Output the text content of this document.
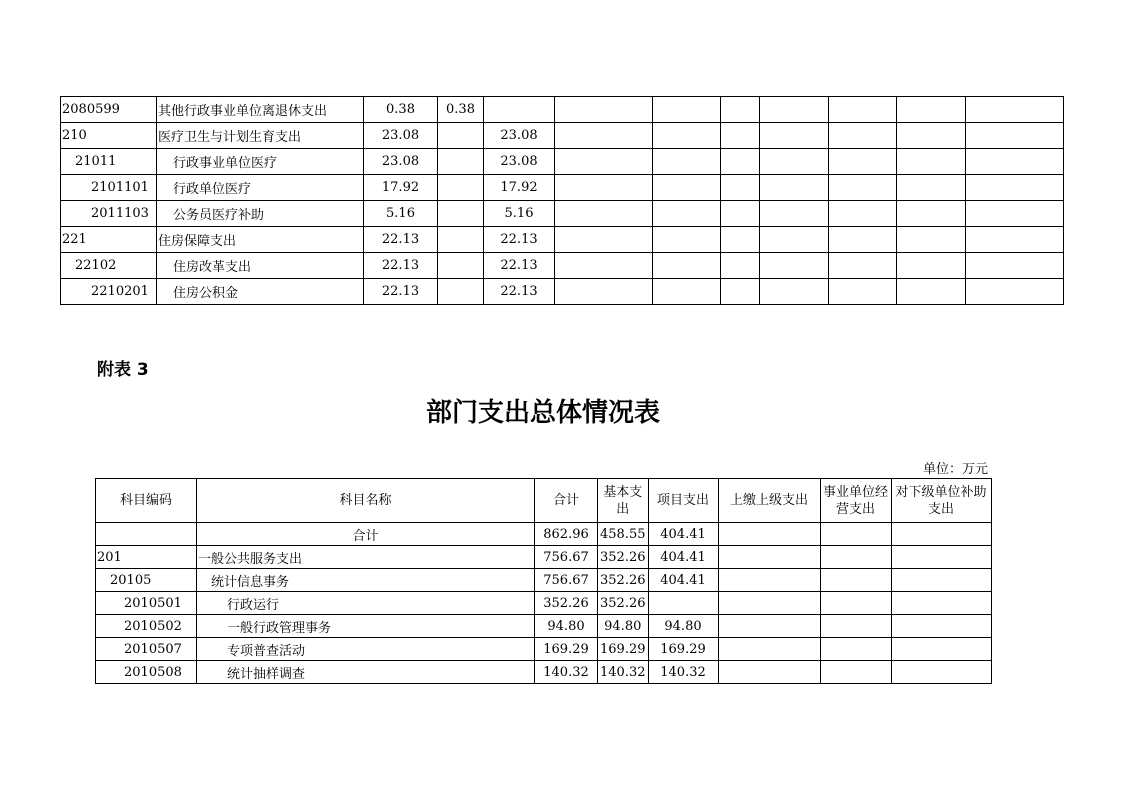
2080599	其他行政事业单位离退休支出	0.38	0.38								
210	医疗卫生与计划生育支出	23.08		23.08							
21011	行政事业单位医疗	23.08		23.08							
2101101	行政单位医疗	17.92		17.92							
2011103	公务员医疗补助	5.16		5.16							
221	住房保障支出	22.13		22.13							
22102	住房改革支出	22.13		22.13							
2210201	住房公积金	22.13		22.13							
附表 3
部门支出总体情况表
单位：万元
科目编码	科目名称	合计	基本支出	项目支出	上缴上级支出	事业单位经营支出	对下级单位补助支出
	合计	862.96	458.55	404.41			
201	一般公共服务支出	756.67	352.26	404.41			
20105	统计信息事务	756.67	352.26	404.41			
2010501	行政运行	352.26	352.26				
2010502	一般行政管理事务	94.80	94.80	94.80			
2010507	专项普查活动	169.29	169.29	169.29			
2010508	统计抽样调查	140.32	140.32	140.32			
